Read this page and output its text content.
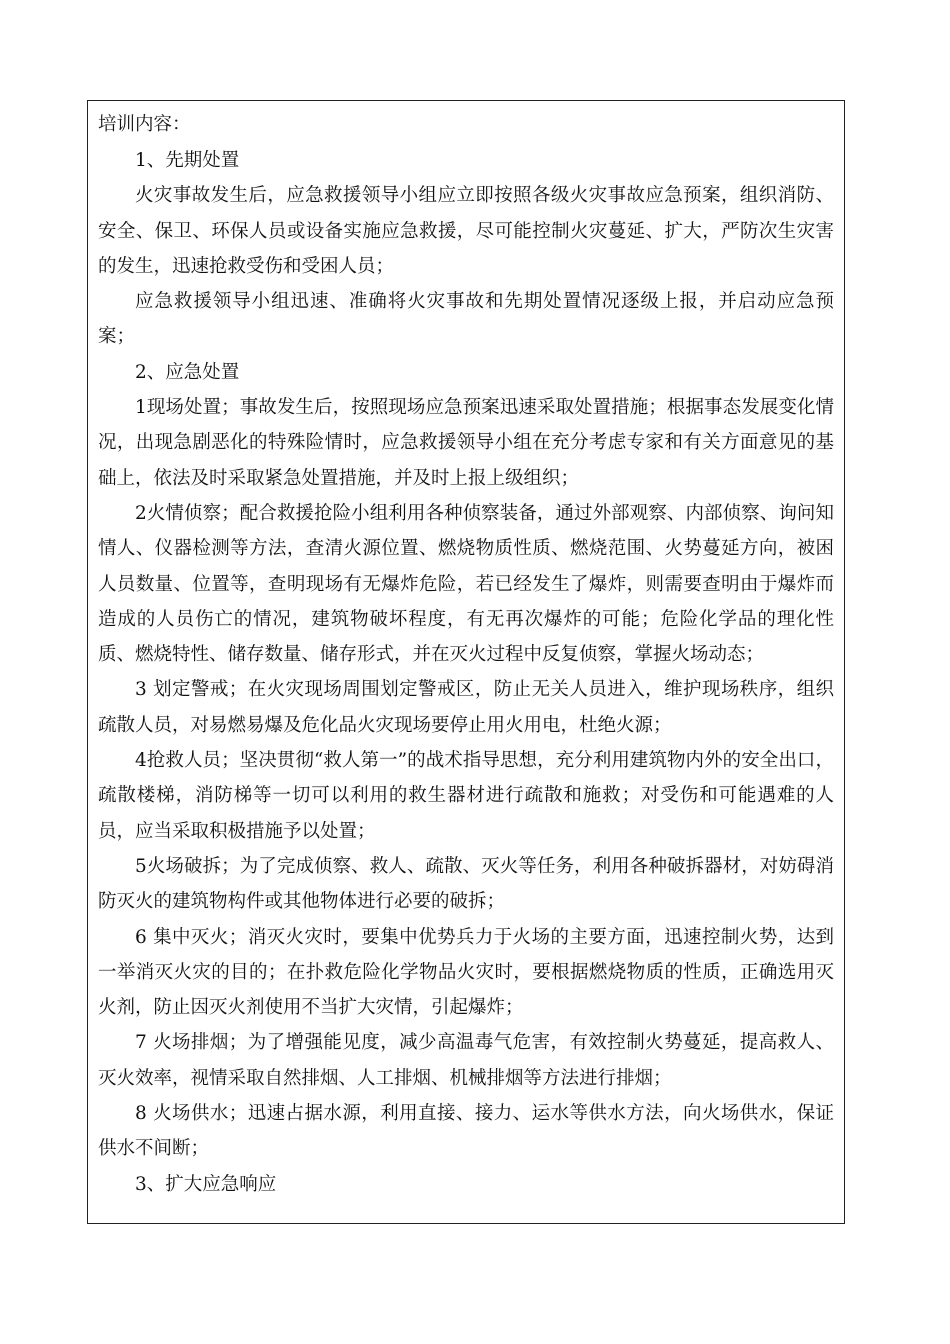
培训内容：

1、先期处置

火灾事故发生后，应急救援领导小组应立即按照各级火灾事故应急预案，组织消防、安全、保卫、环保人员或设备实施应急救援，尽可能控制火灾蔓延、扩大，严防次生灾害的发生，迅速抢救受伤和受困人员；

应急救援领导小组迅速、准确将火灾事故和先期处置情况逐级上报，并启动应急预案；

2、应急处置

1现场处置；事故发生后，按照现场应急预案迅速采取处置措施；根据事态发展变化情况，出现急剧恶化的特殊险情时，应急救援领导小组在充分考虑专家和有关方面意见的基础上，依法及时采取紧急处置措施，并及时上报上级组织；

2火情侦察；配合救援抢险小组利用各种侦察装备，通过外部观察、内部侦察、询问知情人、仪器检测等方法，查清火源位置、燃烧物质性质、燃烧范围、火势蔓延方向，被困人员数量、位置等，查明现场有无爆炸危险，若已经发生了爆炸，则需要查明由于爆炸而造成的人员伤亡的情况，建筑物破坏程度，有无再次爆炸的可能；危险化学品的理化性质、燃烧特性、储存数量、储存形式，并在灭火过程中反复侦察，掌握火场动态；

3 划定警戒；在火灾现场周围划定警戒区，防止无关人员进入，维护现场秩序，组织疏散人员，对易燃易爆及危化品火灾现场要停止用火用电，杜绝火源；

4抢救人员；坚决贯彻“救人第一”的战术指导思想，充分利用建筑物内外的安全出口，疏散楼梯，消防梯等一切可以利用的救生器材进行疏散和施救；对受伤和可能遇难的人员，应当采取积极措施予以处置；

5火场破拆；为了完成侦察、救人、疏散、灭火等任务，利用各种破拆器材，对妨碍消防灭火的建筑物构件或其他物体进行必要的破拆；

6 集中灭火；消灭火灾时，要集中优势兵力于火场的主要方面，迅速控制火势，达到一举消灭火灾的目的；在扑救危险化学物品火灾时，要根据燃烧物质的性质，正确选用灭火剂，防止因灭火剂使用不当扩大灾情，引起爆炸；

7 火场排烟；为了增强能见度，减少高温毒气危害，有效控制火势蔓延，提高救人、灭火效率，视情采取自然排烟、人工排烟、机械排烟等方法进行排烟；

8 火场供水；迅速占据水源，利用直接、接力、运水等供水方法，向火场供水，保证供水不间断；

3、扩大应急响应
